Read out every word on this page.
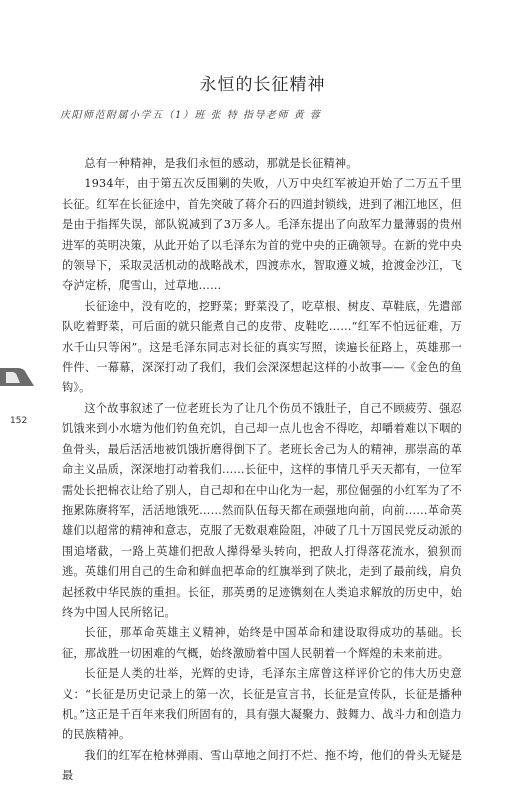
永恒的长征精神
庆阳师范附属小学五（1）班 张 特 指导老师 黄 蓉

总有一种精神，是我们永恒的感动，那就是长征精神。

1934年，由于第五次反围剿的失败，八万中央红军被迫开始了二万五千里长征。红军在长征途中，首先突破了蒋介石的四道封锁线，进到了湘江地区，但是由于指挥失误，部队锐减到了3万多人。毛泽东提出了向敌军力量薄弱的贵州进军的英明决策，从此开始了以毛泽东为首的党中央的正确领导。在新的党中央的领导下，采取灵活机动的战略战术，四渡赤水，智取遵义城，抢渡金沙江，飞夺泸定桥，爬雪山，过草地……

长征途中，没有吃的，挖野菜；野菜没了，吃草根、树皮、草鞋底，先遣部队吃着野菜，可后面的就只能煮自己的皮带、皮鞋吃……“红军不怕远征难，万水千山只等闲”。这是毛泽东同志对长征的真实写照，读遍长征路上，英雄那一件件、一幕幕，深深打动了我们，我们会深深想起这样的小故事——《金色的鱼钩》。

这个故事叙述了一位老班长为了让几个伤员不饿肚子，自己不顾疲劳、强忍饥饿来到小水塘为他们钓鱼充饥，自己却一点儿也舍不得吃，却嚼着难以下咽的鱼骨头，最后活活地被饥饿折磨得倒下了。老班长舍己为人的精神，那崇高的革命主义品质，深深地打动着我们……长征中，这样的事情几乎天天都有，一位军需处长把棉衣让给了别人，自己却和在中山化为一起，那位倔强的小红军为了不拖累陈赓将军，活活地饿死……然而队伍每天都在顽强地向前，向前……革命英雄们以超常的精神和意志，克服了无数艰难险阻，冲破了几十万国民党反动派的围追堵截，一路上英雄们把敌人撵得晕头转向，把敌人打得落花流水，狼狈而逃。英雄们用自己的生命和鲜血把革命的红旗举到了陕北，走到了最前线，肩负起拯救中华民族的重担。长征，那英勇的足迹镌刻在人类追求解放的历史中，始终为中国人民所铭记。

长征，那革命英雄主义精神，始终是中国革命和建设取得成功的基础。长征，那战胜一切困难的气概，始终激励着中国人民朝着一个辉煌的未来前进。

长征是人类的壮举，光辉的史诗，毛泽东主席曾这样评价它的伟大历史意义：“长征是历史记录上的第一次，长征是宣言书，长征是宣传队，长征是播种机。”这正是千百年来我们所固有的，具有强大凝聚力、鼓舞力、战斗力和创造力的民族精神。

我们的红军在枪林弹雨、雪山草地之间打不烂、拖不垮，他们的骨头无疑是最

152
